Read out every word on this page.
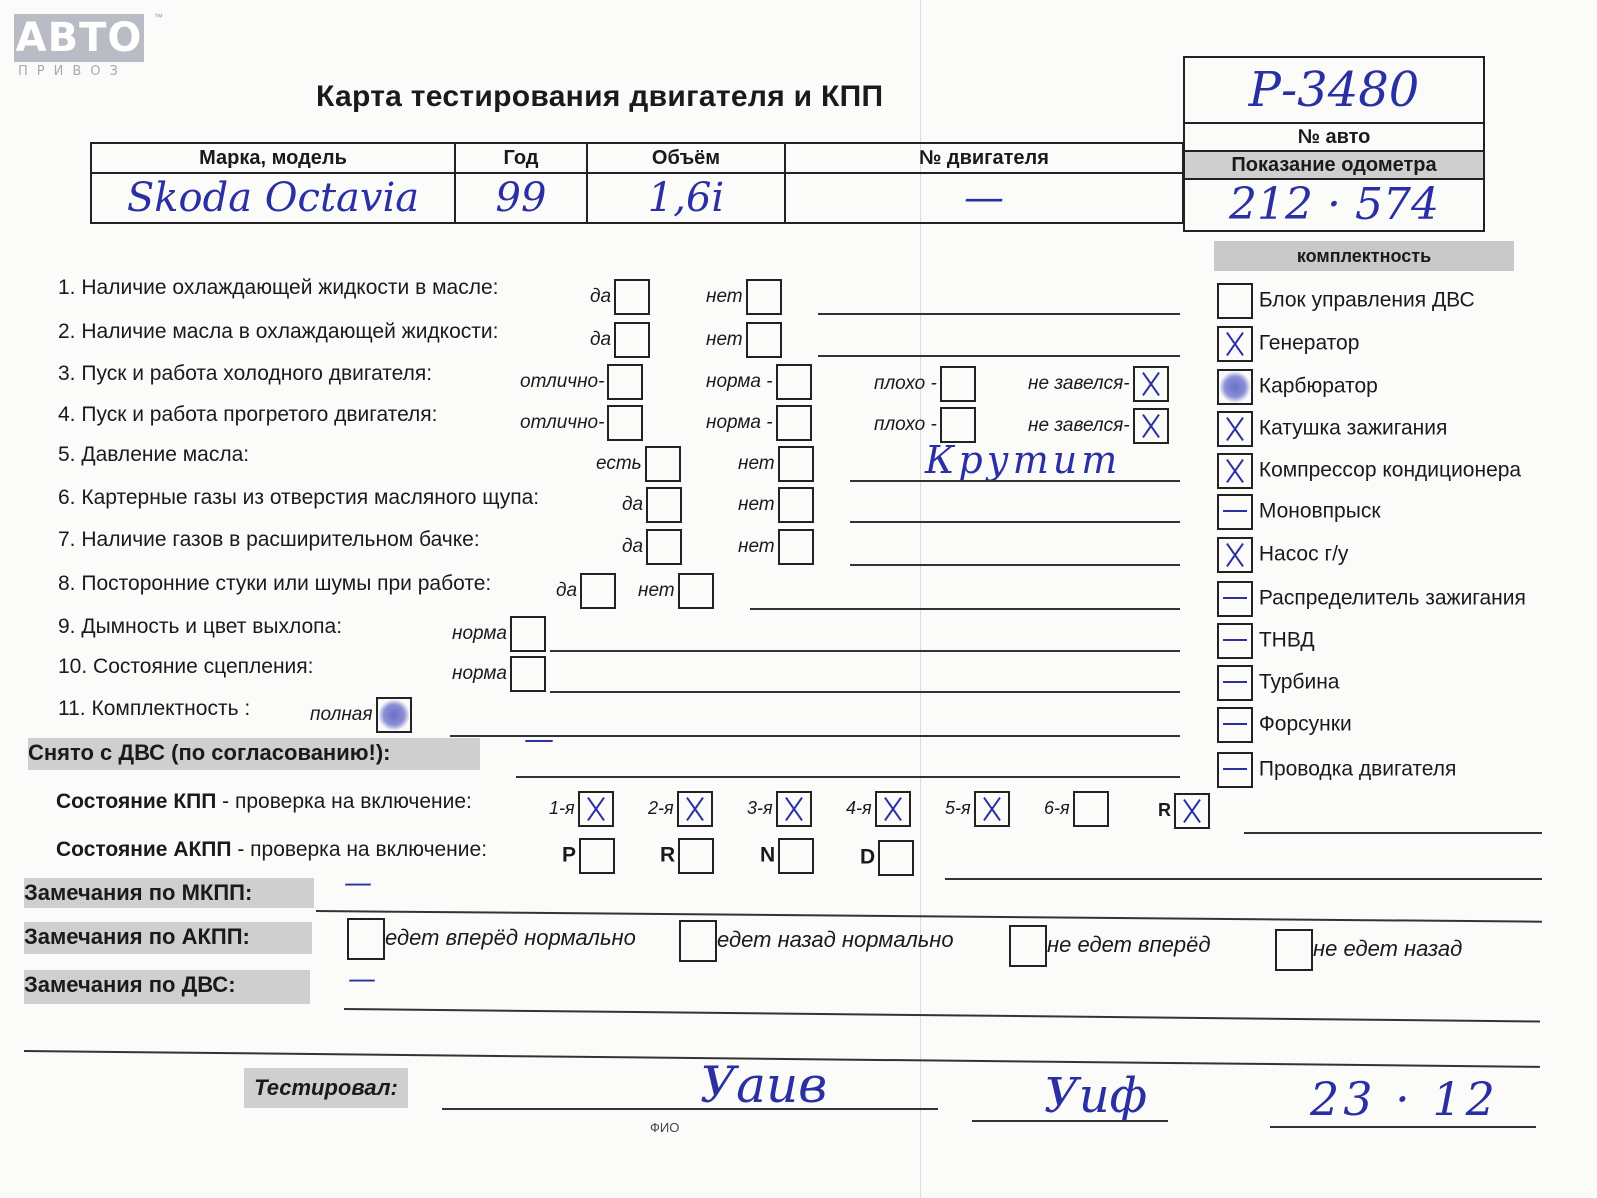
АВТО ™
ПРИВОЗ
Карта тестирования двигателя и КПП	Р-3480
№ авто
Показание одометра
212 · 574
Марка, модель	Год	Объём	№ двигателя
Skoda Octavia	99	1,6i	—
комплектность
Блок управления ДВС
Генератор
Карбюратор
Катушка зажигания
Компрессор кондиционера
Моновпрыск
Насос г/у
Распределитель зажигания
ТНВД
Турбина
Форсунки
Проводка двигателя
1. Наличие охлаждающей жидкости в масле:	да	нет
2. Наличие масла в охлаждающей жидкости:	да	нет
3. Пуск и работа холодного двигателя:	отлично-	норма -	плохо -	не завелся-
4. Пуск и работа прогретого двигателя:	отлично-	норма -	плохо -	не завелся-
5. Давление масла:	есть	нет	Крутит
6. Картерные газы из отверстия масляного щупа:	да	нет
7. Наличие газов в расширительном бачке:	да	нет
8. Посторонние стуки или шумы при работе:	да	нет
9. Дымность и цвет выхлопа:	норма
10. Состояние сцепления:	норма
11. Комплектность :	полная
Снято с ДВС (по согласованию!):	—
Состояние КПП - проверка на включение:	1-я	2-я	3-я	4-я	5-я	6-я	R
Состояние АКПП - проверка на включение:	P	R	N	D
Замечания по МКПП:	—
Замечания по АКПП:	едет вперёд нормально	едет назад нормально	не едет вперёд	не едет назад
Замечания по ДВС:	—
Тестировал:	Уаив
ФИО
Уиф	23 · 12
